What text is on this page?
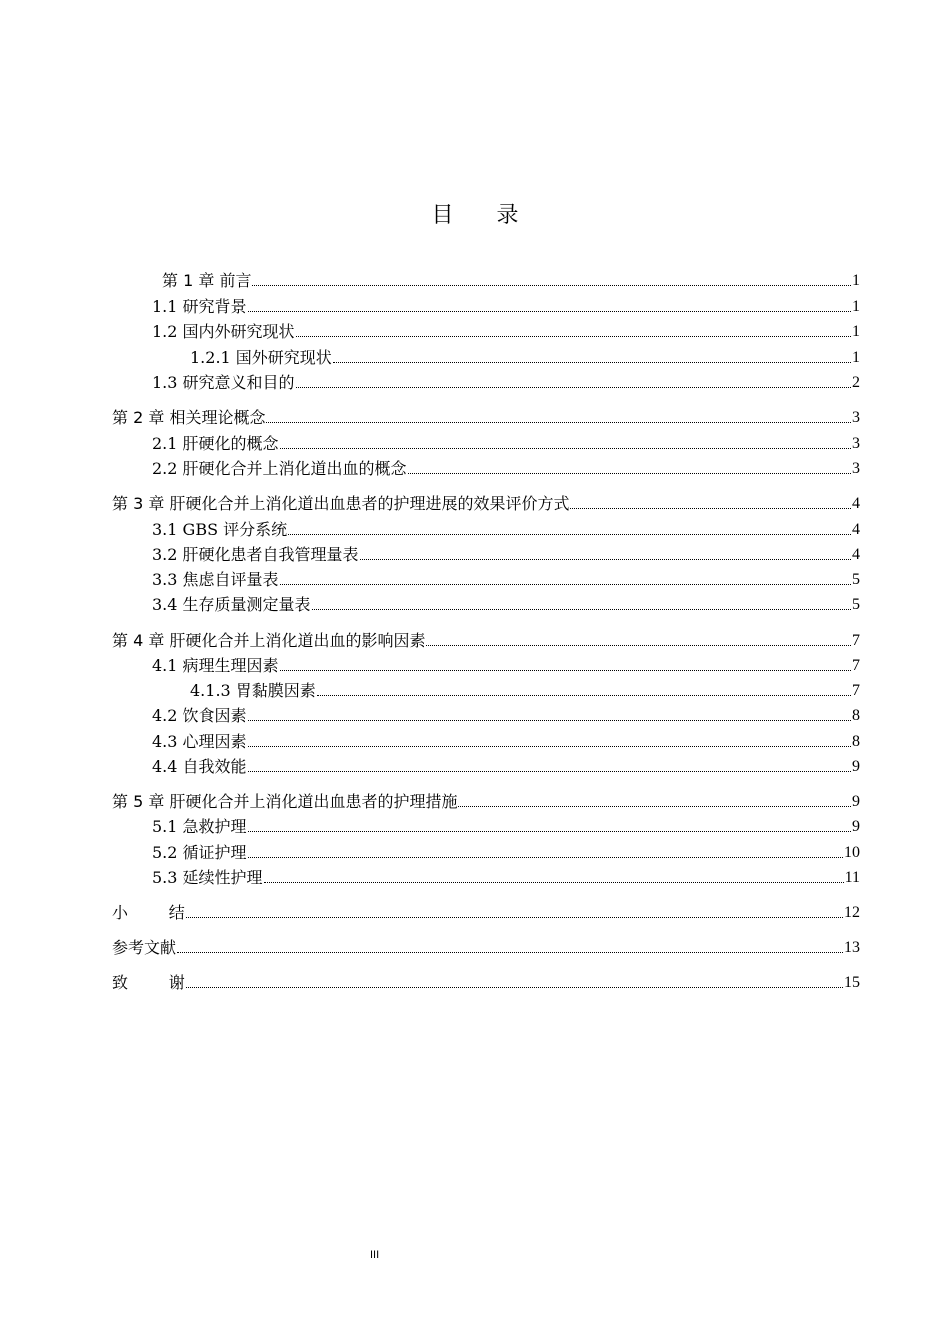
目 录
第 1 章 前言	1
1.1 研究背景	1
1.2 国内外研究现状	1
1.2.1 国外研究现状	1
1.3 研究意义和目的	2
第 2 章 相关理论概念	3
2.1 肝硬化的概念	3
2.2 肝硬化合并上消化道出血的概念	3
第 3 章 肝硬化合并上消化道出血患者的护理进展的效果评价方式	4
3.1 GBS 评分系统	4
3.2 肝硬化患者自我管理量表	4
3.3 焦虑自评量表	5
3.4 生存质量测定量表	5
第 4 章 肝硬化合并上消化道出血的影响因素	7
4.1 病理生理因素	7
4.1.3 胃黏膜因素	7
4.2 饮食因素	8
4.3 心理因素	8
4.4 自我效能	9
第 5 章 肝硬化合并上消化道出血患者的护理措施	9
5.1 急救护理	9
5.2 循证护理	10
5.3 延续性护理	11
小        结	12
参考文献	13
致        谢	15
III
